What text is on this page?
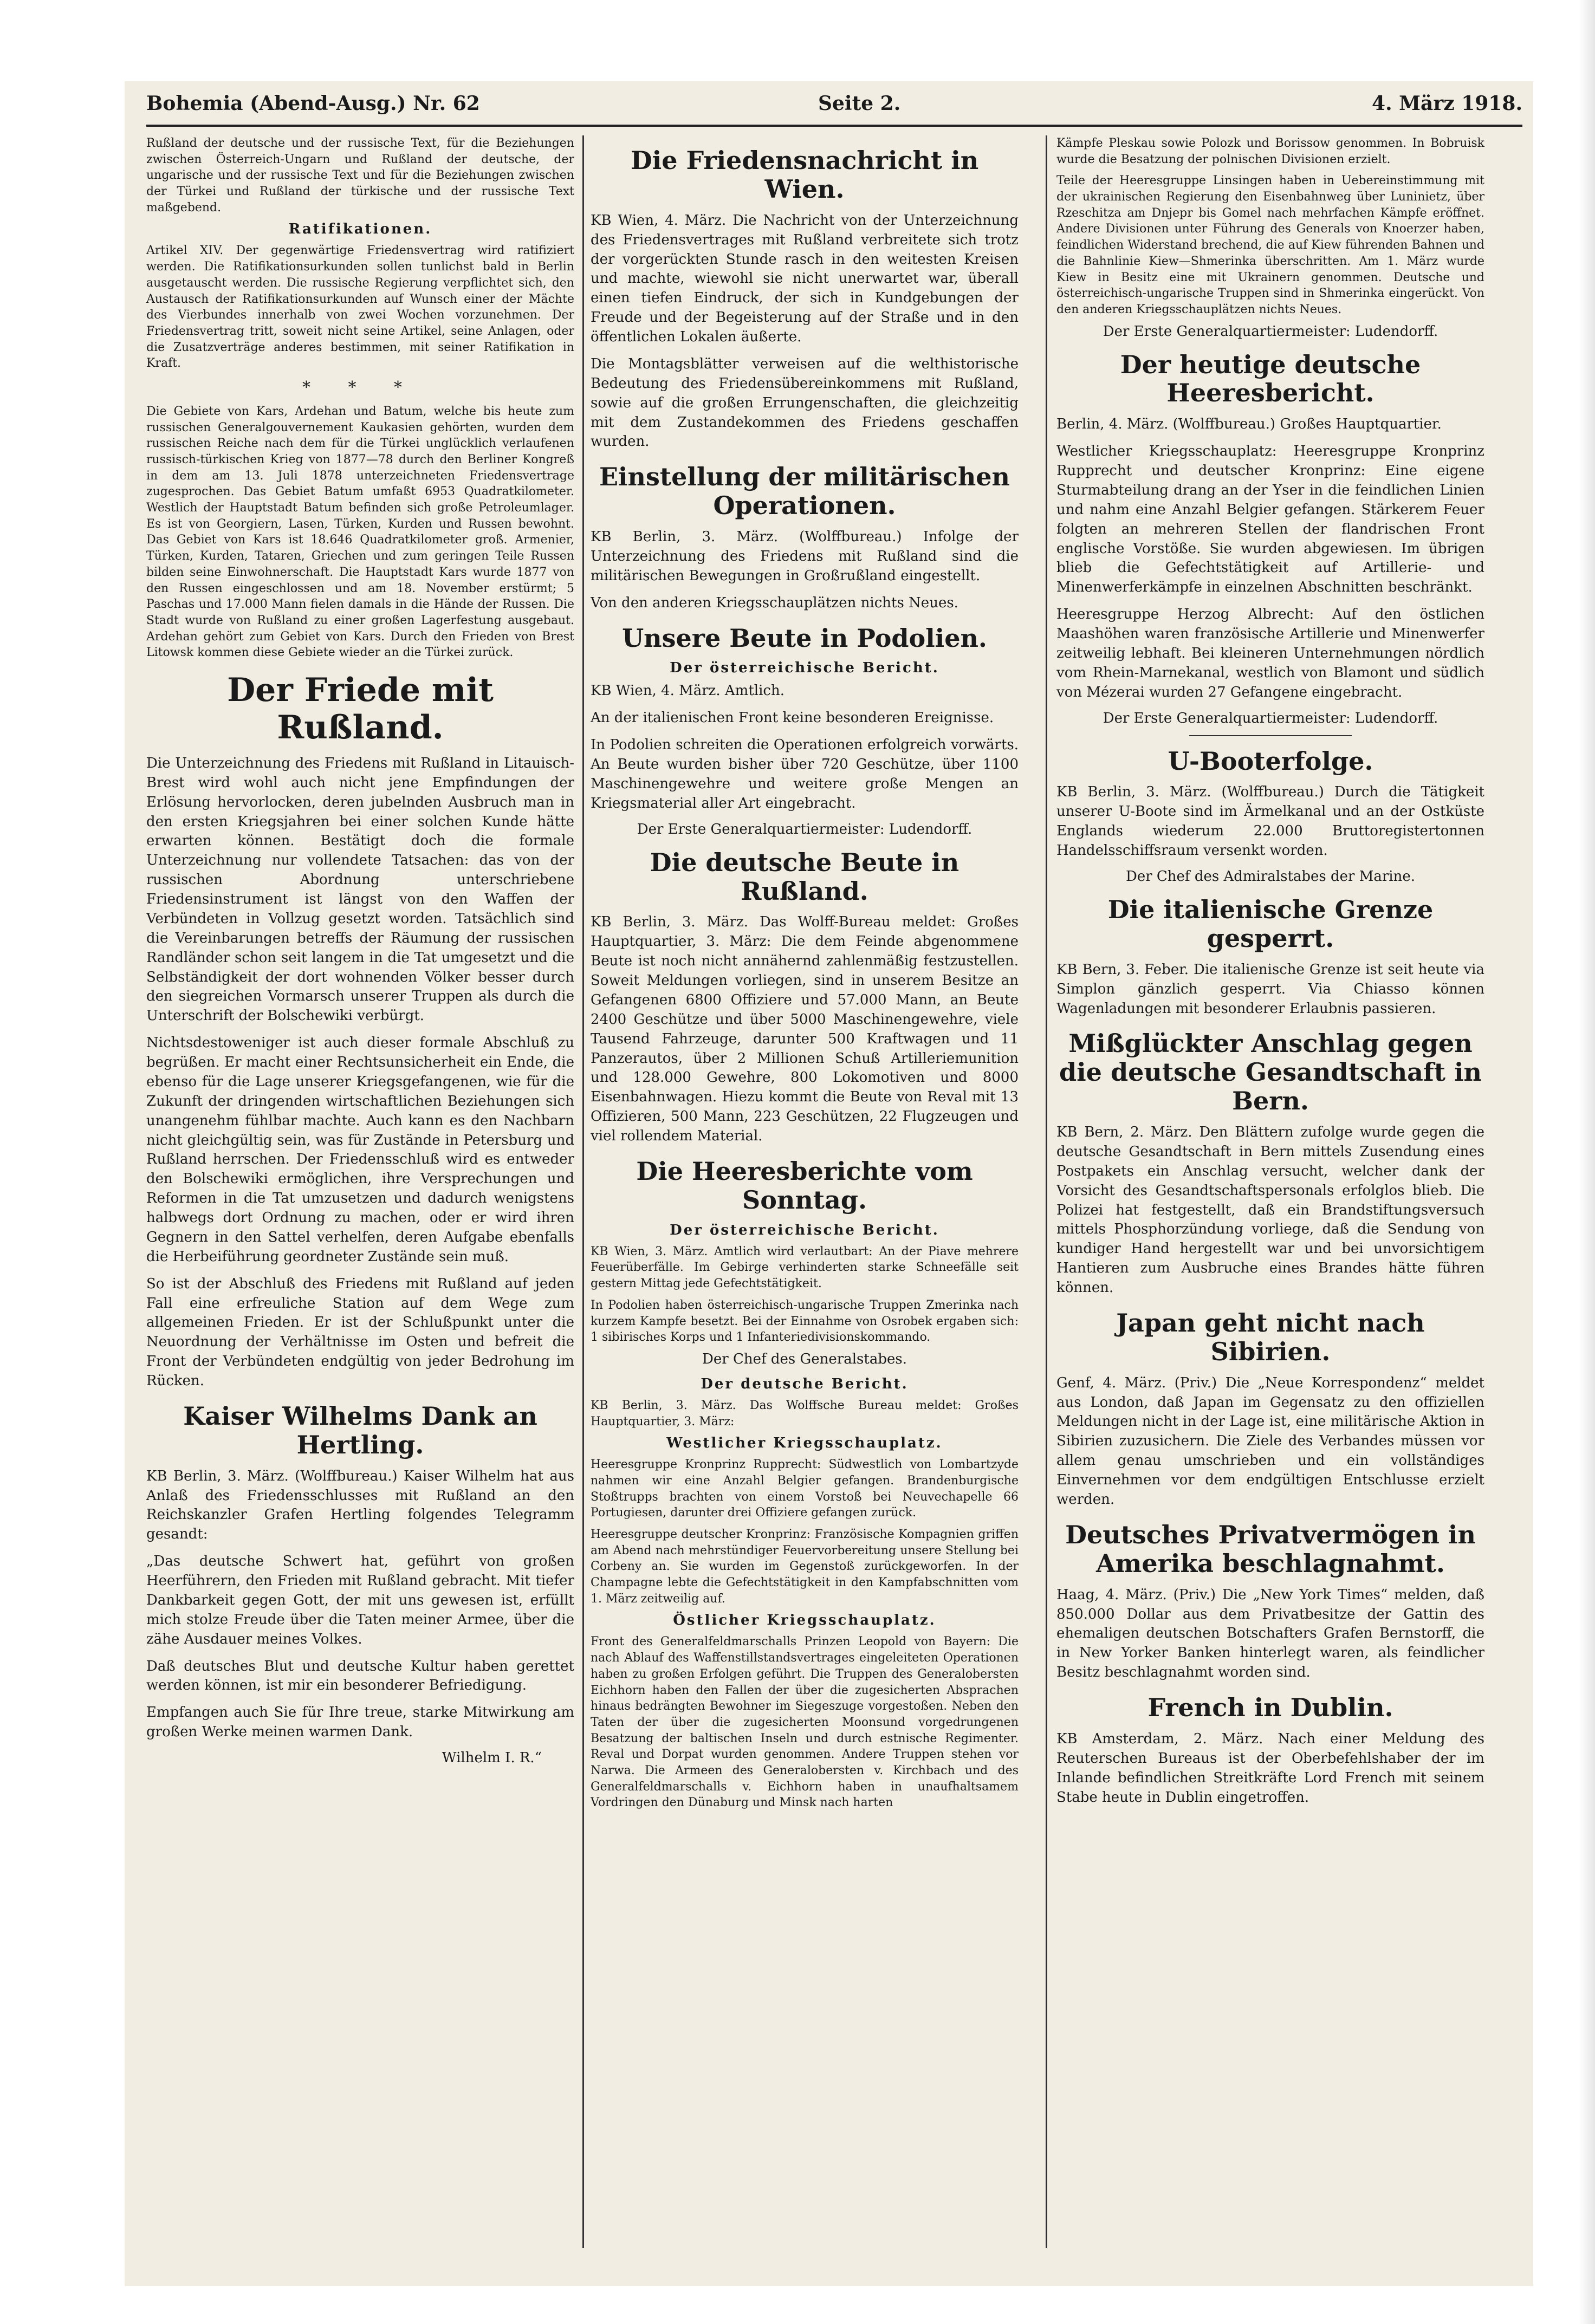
Bohemia (Abend-Ausg.) Nr. 62	Seite 2.	4. März 1918.

Rußland der deutsche und der russische Text, für die Beziehungen zwischen Österreich-Ungarn und Rußland der deutsche, der ungarische und der russische Text und für die Beziehungen zwischen der Türkei und Rußland der türkische und der russische Text maßgebend.

Ratifikationen.

Artikel XIV. Der gegenwärtige Friedensvertrag wird ratifiziert werden. Die Ratifikationsurkunden sollen tunlichst bald in Berlin ausgetauscht werden. Die russische Regierung verpflichtet sich, den Austausch der Ratifikationsurkunden auf Wunsch einer der Mächte des Vierbundes innerhalb von zwei Wochen vorzunehmen. Der Friedensvertrag tritt, soweit nicht seine Artikel, seine Anlagen, oder die Zusatzverträge anderes bestimmen, mit seiner Ratifikation in Kraft.

* * *

Die Gebiete von Kars, Ardehan und Batum, welche bis heute zum russischen Generalgouvernement Kaukasien gehörten, wurden dem russischen Reiche nach dem für die Türkei unglücklich verlaufenen russisch-türkischen Krieg von 1877—78 durch den Berliner Kongreß in dem am 13. Juli 1878 unterzeichneten Friedensvertrage zugesprochen. Das Gebiet Batum umfaßt 6953 Quadratkilometer. Westlich der Hauptstadt Batum befinden sich große Petroleumlager. Es ist von Georgiern, Lasen, Türken, Kurden und Russen bewohnt. Das Gebiet von Kars ist 18.646 Quadratkilometer groß. Armenier, Türken, Kurden, Tataren, Griechen und zum geringen Teile Russen bilden seine Einwohnerschaft. Die Hauptstadt Kars wurde 1877 von den Russen eingeschlossen und am 18. November erstürmt; 5 Paschas und 17.000 Mann fielen damals in die Hände der Russen. Die Stadt wurde von Rußland zu einer großen Lagerfestung ausgebaut. Ardehan gehört zum Gebiet von Kars. Durch den Frieden von Brest Litowsk kommen diese Gebiete wieder an die Türkei zurück.

Der Friede mit Rußland.

Die Unterzeichnung des Friedens mit Rußland in Litauisch-Brest wird wohl auch nicht jene Empfindungen der Erlösung hervorlocken, deren jubelnden Ausbruch man in den ersten Kriegsjahren bei einer solchen Kunde hätte erwarten können. Bestätigt doch die formale Unterzeichnung nur vollendete Tatsachen: das von der russischen Abordnung unterschriebene Friedensinstrument ist längst von den Waffen der Verbündeten in Vollzug gesetzt worden. Tatsächlich sind die Vereinbarungen betreffs der Räumung der russischen Randländer schon seit langem in die Tat umgesetzt und die Selbständigkeit der dort wohnenden Völker besser durch den siegreichen Vormarsch unserer Truppen als durch die Unterschrift der Bolschewiki verbürgt.

Nichtsdestoweniger ist auch dieser formale Abschluß zu begrüßen. Er macht einer Rechtsunsicherheit ein Ende, die ebenso für die Lage unserer Kriegsgefangenen, wie für die Zukunft der dringenden wirtschaftlichen Beziehungen sich unangenehm fühlbar machte. Auch kann es den Nachbarn nicht gleichgültig sein, was für Zustände in Petersburg und Rußland herrschen. Der Friedensschluß wird es entweder den Bolschewiki ermöglichen, ihre Versprechungen und Reformen in die Tat umzusetzen und dadurch wenigstens halbwegs dort Ordnung zu machen, oder er wird ihren Gegnern in den Sattel verhelfen, deren Aufgabe ebenfalls die Herbeiführung geordneter Zustände sein muß.

So ist der Abschluß des Friedens mit Rußland auf jeden Fall eine erfreuliche Station auf dem Wege zum allgemeinen Frieden. Er ist der Schlußpunkt unter die Neuordnung der Verhältnisse im Osten und befreit die Front der Verbündeten endgültig von jeder Bedrohung im Rücken.

Kaiser Wilhelms Dank an Hertling.

KB Berlin, 3. März. (Wolffbureau.) Kaiser Wilhelm hat aus Anlaß des Friedensschlusses mit Rußland an den Reichskanzler Grafen Hertling folgendes Telegramm gesandt:

„Das deutsche Schwert hat, geführt von großen Heerführern, den Frieden mit Rußland gebracht. Mit tiefer Dankbarkeit gegen Gott, der mit uns gewesen ist, erfüllt mich stolze Freude über die Taten meiner Armee, über die zähe Ausdauer meines Volkes.

Daß deutsches Blut und deutsche Kultur haben gerettet werden können, ist mir ein besonderer Befriedigung.

Empfangen auch Sie für Ihre treue, starke Mitwirkung am großen Werke meinen warmen Dank.

Wilhelm I. R.“
Die Friedensnachricht in Wien.

KB Wien, 4. März. Die Nachricht von der Unterzeichnung des Friedensvertrages mit Rußland verbreitete sich trotz der vorgerückten Stunde rasch in den weitesten Kreisen und machte, wiewohl sie nicht unerwartet war, überall einen tiefen Eindruck, der sich in Kundgebungen der Freude und der Begeisterung auf der Straße und in den öffentlichen Lokalen äußerte.

Die Montagsblätter verweisen auf die welthistorische Bedeutung des Friedensübereinkommens mit Rußland, sowie auf die großen Errungenschaften, die gleichzeitig mit dem Zustandekommen des Friedens geschaffen wurden.

Einstellung der militärischen Operationen.

KB Berlin, 3. März. (Wolffbureau.) Infolge der Unterzeichnung des Friedens mit Rußland sind die militärischen Bewegungen in Großrußland eingestellt.

Von den anderen Kriegsschauplätzen nichts Neues.

Unsere Beute in Podolien.
Der österreichische Bericht.

KB Wien, 4. März. Amtlich.

An der italienischen Front keine besonderen Ereignisse.

In Podolien schreiten die Operationen erfolgreich vorwärts. An Beute wurden bisher über 720 Geschütze, über 1100 Maschinengewehre und weitere große Mengen an Kriegsmaterial aller Art eingebracht.

Der Erste Generalquartiermeister: Ludendorff.
Die deutsche Beute in Rußland.

KB Berlin, 3. März. Das Wolff-Bureau meldet: Großes Hauptquartier, 3. März: Die dem Feinde abgenommene Beute ist noch nicht annähernd zahlenmäßig festzustellen. Soweit Meldungen vorliegen, sind in unserem Besitze an Gefangenen 6800 Offiziere und 57.000 Mann, an Beute 2400 Geschütze und über 5000 Maschinengewehre, viele Tausend Fahrzeuge, darunter 500 Kraftwagen und 11 Panzerautos, über 2 Millionen Schuß Artilleriemunition und 128.000 Gewehre, 800 Lokomotiven und 8000 Eisenbahnwagen. Hiezu kommt die Beute von Reval mit 13 Offizieren, 500 Mann, 223 Geschützen, 22 Flugzeugen und viel rollendem Material.

Die Heeresberichte vom Sonntag.
Der österreichische Bericht.

KB Wien, 3. März. Amtlich wird verlautbart: An der Piave mehrere Feuerüberfälle. Im Gebirge verhinderten starke Schneefälle seit gestern Mittag jede Gefechtstätigkeit.

In Podolien haben österreichisch-ungarische Truppen Zmerinka nach kurzem Kampfe besetzt. Bei der Einnahme von Osrobek ergaben sich: 1 sibirisches Korps und 1 Infanteriedivisionskommando.

Der Chef des Generalstabes.
Der deutsche Bericht.

KB Berlin, 3. März. Das Wolffsche Bureau meldet: Großes Hauptquartier, 3. März:

Westlicher Kriegsschauplatz.

Heeresgruppe Kronprinz Rupprecht: Südwestlich von Lombartzyde nahmen wir eine Anzahl Belgier gefangen. Brandenburgische Stoßtrupps brachten von einem Vorstoß bei Neuvechapelle 66 Portugiesen, darunter drei Offiziere gefangen zurück.

Heeresgruppe deutscher Kronprinz: Französische Kompagnien griffen am Abend nach mehrstündiger Feuervorbereitung unsere Stellung bei Corbeny an. Sie wurden im Gegenstoß zurückgeworfen. In der Champagne lebte die Gefechtstätigkeit in den Kampfabschnitten vom 1. März zeitweilig auf.

Östlicher Kriegsschauplatz.

Front des Generalfeldmarschalls Prinzen Leopold von Bayern: Die nach Ablauf des Waffenstillstandsvertrages eingeleiteten Operationen haben zu großen Erfolgen geführt. Die Truppen des Generalobersten Eichhorn haben den Fallen der über die zugesicherten Absprachen hinaus bedrängten Bewohner im Siegeszuge vorgestoßen. Neben den Taten der über die zugesicherten Moonsund vorgedrungenen Besatzung der baltischen Inseln und durch estnische Regimenter. Reval und Dorpat wurden genommen. Andere Truppen stehen vor Narwa. Die Armeen des Generalobersten v. Kirchbach und des Generalfeldmarschalls v. Eichhorn haben in unaufhaltsamem Vordringen den Dünaburg und Minsk nach harten

Kämpfe Pleskau sowie Polozk und Borissow genommen. In Bobruisk wurde die Besatzung der polnischen Divisionen erzielt.

Teile der Heeresgruppe Linsingen haben in Uebereinstimmung mit der ukrainischen Regierung den Eisenbahnweg über Luninietz, über Rzeschitza am Dnjepr bis Gomel nach mehrfachen Kämpfe eröffnet. Andere Divisionen unter Führung des Generals von Knoerzer haben, feindlichen Widerstand brechend, die auf Kiew führenden Bahnen und die Bahnlinie Kiew—Shmerinka überschritten. Am 1. März wurde Kiew in Besitz eine mit Ukrainern genommen. Deutsche und österreichisch-ungarische Truppen sind in Shmerinka eingerückt. Von den anderen Kriegsschauplätzen nichts Neues.

Der Erste Generalquartiermeister: Ludendorff.
Der heutige deutsche Heeresbericht.

Berlin, 4. März. (Wolffbureau.) Großes Hauptquartier.

Westlicher Kriegsschauplatz: Heeresgruppe Kronprinz Rupprecht und deutscher Kronprinz: Eine eigene Sturmabteilung drang an der Yser in die feindlichen Linien und nahm eine Anzahl Belgier gefangen. Stärkerem Feuer folgten an mehreren Stellen der flandrischen Front englische Vorstöße. Sie wurden abgewiesen. Im übrigen blieb die Gefechtstätigkeit auf Artillerie- und Minenwerferkämpfe in einzelnen Abschnitten beschränkt.

Heeresgruppe Herzog Albrecht: Auf den östlichen Maashöhen waren französische Artillerie und Minenwerfer zeitweilig lebhaft. Bei kleineren Unternehmungen nördlich vom Rhein-Marnekanal, westlich von Blamont und südlich von Mézerai wurden 27 Gefangene eingebracht.

Der Erste Generalquartiermeister: Ludendorff.
U-Booterfolge.

KB Berlin, 3. März. (Wolffbureau.) Durch die Tätigkeit unserer U-Boote sind im Ärmelkanal und an der Ostküste Englands wiederum 22.000 Bruttoregistertonnen Handelsschiffsraum versenkt worden.

Der Chef des Admiralstabes der Marine.
Die italienische Grenze gesperrt.

KB Bern, 3. Feber. Die italienische Grenze ist seit heute via Simplon gänzlich gesperrt. Via Chiasso können Wagenladungen mit besonderer Erlaubnis passieren.

Mißglückter Anschlag gegen die deutsche Gesandtschaft in Bern.

KB Bern, 2. März. Den Blättern zufolge wurde gegen die deutsche Gesandtschaft in Bern mittels Zusendung eines Postpakets ein Anschlag versucht, welcher dank der Vorsicht des Gesandtschaftspersonals erfolglos blieb. Die Polizei hat festgestellt, daß ein Brandstiftungsversuch mittels Phosphorzündung vorliege, daß die Sendung von kundiger Hand hergestellt war und bei unvorsichtigem Hantieren zum Ausbruche eines Brandes hätte führen können.

Japan geht nicht nach Sibirien.

Genf, 4. März. (Priv.) Die „Neue Korrespondenz“ meldet aus London, daß Japan im Gegensatz zu den offiziellen Meldungen nicht in der Lage ist, eine militärische Aktion in Sibirien zuzusichern. Die Ziele des Verbandes müssen vor allem genau umschrieben und ein vollständiges Einvernehmen vor dem endgültigen Entschlusse erzielt werden.

Deutsches Privatvermögen in Amerika beschlagnahmt.

Haag, 4. März. (Priv.) Die „New York Times“ melden, daß 850.000 Dollar aus dem Privatbesitze der Gattin des ehemaligen deutschen Botschafters Grafen Bernstorff, die in New Yorker Banken hinterlegt waren, als feindlicher Besitz beschlagnahmt worden sind.

French in Dublin.

KB Amsterdam, 2. März. Nach einer Meldung des Reuterschen Bureaus ist der Oberbefehlshaber der im Inlande befindlichen Streitkräfte Lord French mit seinem Stabe heute in Dublin eingetroffen.
